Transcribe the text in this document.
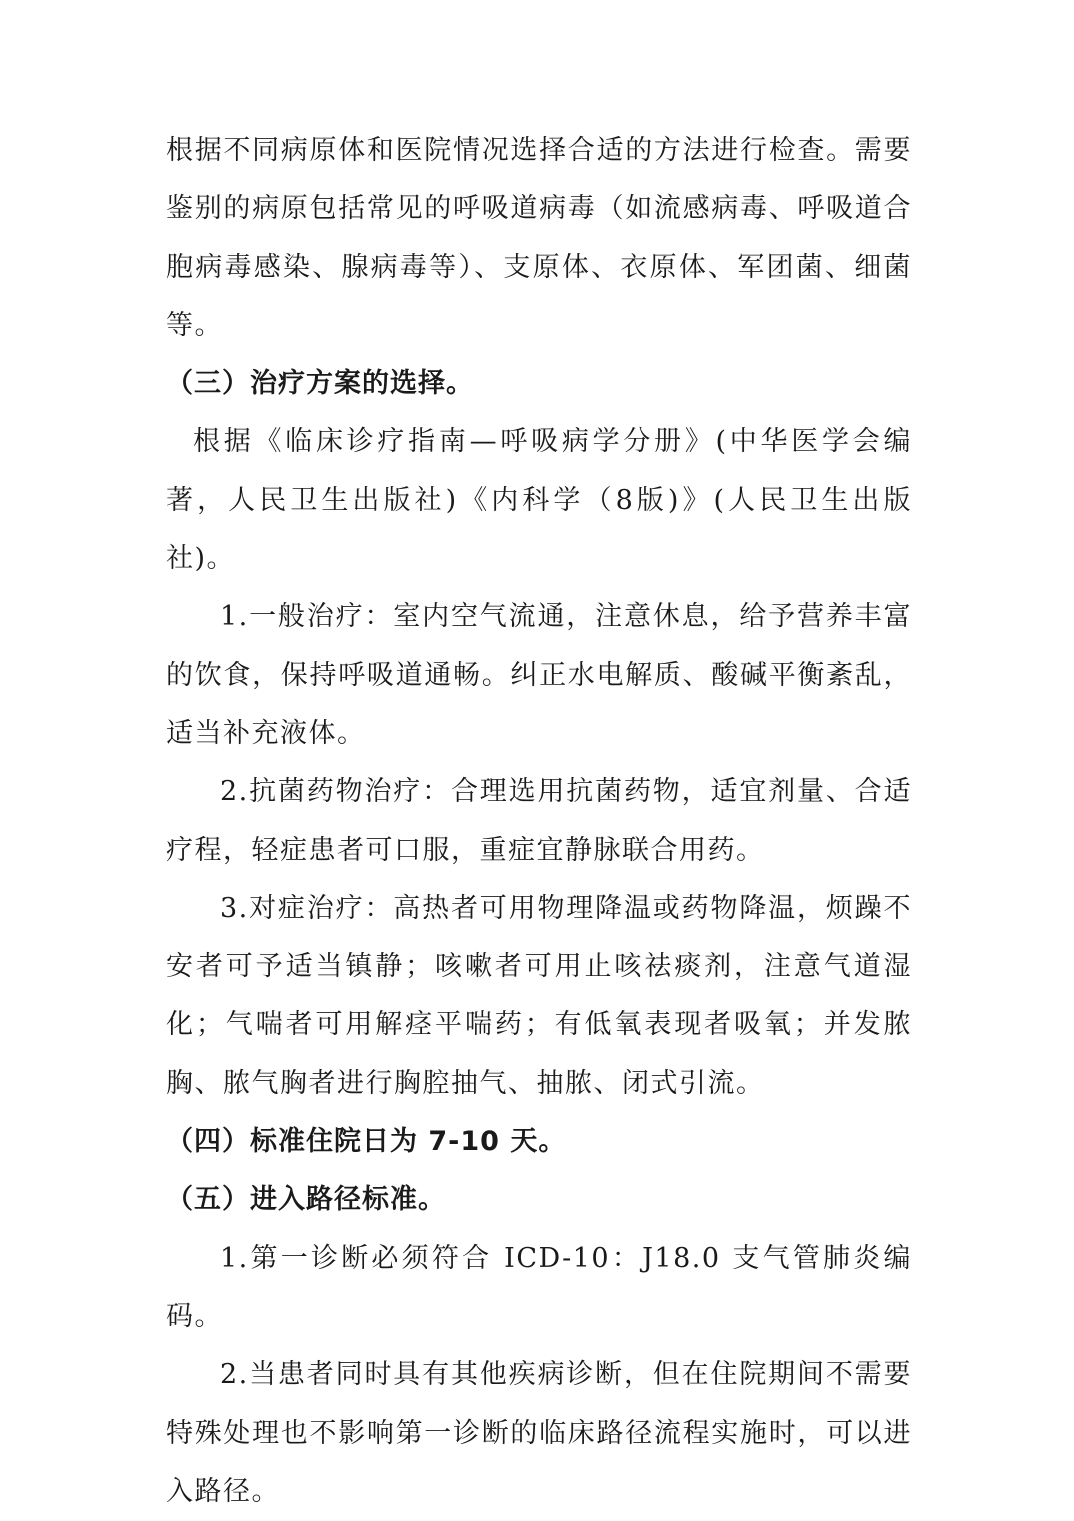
根据不同病原体和医院情况选择合适的方法进行检查。需要鉴别的病原包括常见的呼吸道病毒（如流感病毒、呼吸道合胞病毒感染、腺病毒等）、支原体、衣原体、军团菌、细菌等。

（三）治疗方案的选择。

根据《临床诊疗指南—呼吸病学分册》(中华医学会编著，人民卫生出版社)《内科学（8版)》(人民卫生出版社)。

1.一般治疗：室内空气流通，注意休息，给予营养丰富的饮食，保持呼吸道通畅。纠正水电解质、酸碱平衡紊乱，适当补充液体。

2.抗菌药物治疗：合理选用抗菌药物，适宜剂量、合适疗程，轻症患者可口服，重症宜静脉联合用药。

3.对症治疗：高热者可用物理降温或药物降温，烦躁不安者可予适当镇静；咳嗽者可用止咳祛痰剂，注意气道湿化；气喘者可用解痉平喘药；有低氧表现者吸氧；并发脓胸、脓气胸者进行胸腔抽气、抽脓、闭式引流。

（四）标准住院日为 7-10 天。

（五）进入路径标准。

1.第一诊断必须符合 ICD-10：J18.0 支气管肺炎编码。

2.当患者同时具有其他疾病诊断，但在住院期间不需要特殊处理也不影响第一诊断的临床路径流程实施时，可以进入路径。
